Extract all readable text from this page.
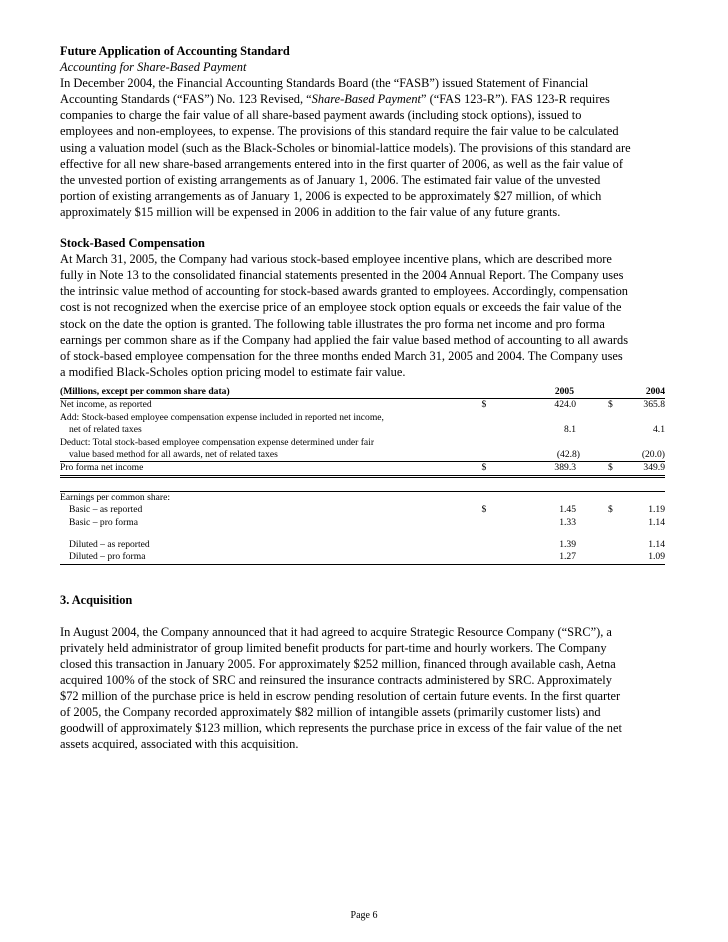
Future Application of Accounting Standard

Accounting for Share-Based Payment

In December 2004, the Financial Accounting Standards Board (the “FASB”) issued Statement of Financial
Accounting Standards (“FAS”) No. 123 Revised, “Share-Based Payment” (“FAS 123-R”). FAS 123-R requires
companies to charge the fair value of all share-based payment awards (including stock options), issued to
employees and non-employees, to expense. The provisions of this standard require the fair value to be calculated
using a valuation model (such as the Black-Scholes or binomial-lattice models). The provisions of this standard are
effective for all new share-based arrangements entered into in the first quarter of 2006, as well as the fair value of
the unvested portion of existing arrangements as of January 1, 2006. The estimated fair value of the unvested
portion of existing arrangements as of January 1, 2006 is expected to be approximately $27 million, of which
approximately $15 million will be expensed in 2006 in addition to the fair value of any future grants.

Stock-Based Compensation

At March 31, 2005, the Company had various stock-based employee incentive plans, which are described more
fully in Note 13 to the consolidated financial statements presented in the 2004 Annual Report. The Company uses
the intrinsic value method of accounting for stock-based awards granted to employees. Accordingly, compensation
cost is not recognized when the exercise price of an employee stock option equals or exceeds the fair value of the
stock on the date the option is granted. The following table illustrates the pro forma net income and pro forma
earnings per common share as if the Company had applied the fair value based method of accounting to all awards
of stock-based employee compensation for the three months ended March 31, 2005 and 2004. The Company uses
a modified Black-Scholes option pricing model to estimate fair value.
(Millions, except per common share data)	2005	2004
Net income, as reported	$ 424.0	$ 365.8

Add: Stock-based employee compensation expense included in reported net income,		
net of related taxes	8.1	4.1

Deduct: Total stock-based employee compensation expense determined under fair		
value based method for all awards, net of related taxes	(42.8)	(20.0)

Pro forma net income	$ 389.3	$ 349.9

Earnings per common share:		
Basic – as reported	$ 1.45	$ 1.19

Basic – pro forma	1.33	1.14

Diluted – as reported	1.39	1.14

Diluted – pro forma	1.27	1.09
3. Acquisition
In August 2004, the Company announced that it had agreed to acquire Strategic Resource Company (“SRC”), a
privately held administrator of group limited benefit products for part-time and hourly workers. The Company
closed this transaction in January 2005. For approximately $252 million, financed through available cash, Aetna
acquired 100% of the stock of SRC and reinsured the insurance contracts administered by SRC. Approximately
$72 million of the purchase price is held in escrow pending resolution of certain future events. In the first quarter
of 2005, the Company recorded approximately $82 million of intangible assets (primarily customer lists) and
goodwill of approximately $123 million, which represents the purchase price in excess of the fair value of the net
assets acquired, associated with this acquisition.
Page 6
